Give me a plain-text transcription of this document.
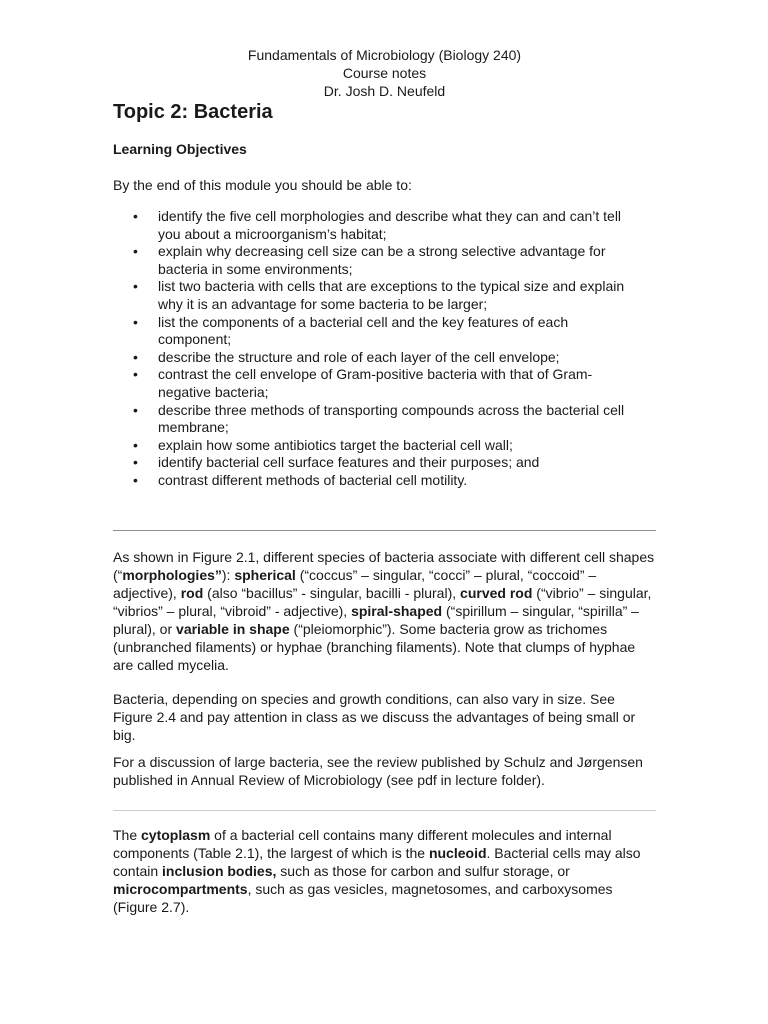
Fundamentals of Microbiology (Biology 240)
Course notes
Dr. Josh D. Neufeld
Topic 2: Bacteria
Learning Objectives
By the end of this module you should be able to:
• identify the five cell morphologies and describe what they can and can’t tell you about a microorganism’s habitat;
• explain why decreasing cell size can be a strong selective advantage for bacteria in some environments;
• list two bacteria with cells that are exceptions to the typical size and explain why it is an advantage for some bacteria to be larger;
• list the components of a bacterial cell and the key features of each component;
• describe the structure and role of each layer of the cell envelope;
• contrast the cell envelope of Gram-positive bacteria with that of Gram-negative bacteria;
• describe three methods of transporting compounds across the bacterial cell membrane;
• explain how some antibiotics target the bacterial cell wall;
• identify bacterial cell surface features and their purposes; and
• contrast different methods of bacterial cell motility.

As shown in Figure 2.1, different species of bacteria associate with different cell shapes (“morphologies”): spherical (“coccus” – singular, “cocci” – plural, “coccoid” – adjective), rod (also “bacillus” - singular, bacilli - plural), curved rod (“vibrio” – singular, “vibrios” – plural, “vibroid” - adjective), spiral-shaped (“spirillum – singular, “spirilla” – plural), or variable in shape (“pleiomorphic”). Some bacteria grow as trichomes (unbranched filaments) or hyphae (branching filaments). Note that clumps of hyphae are called mycelia.

Bacteria, depending on species and growth conditions, can also vary in size. See Figure 2.4 and pay attention in class as we discuss the advantages of being small or big.

For a discussion of large bacteria, see the review published by Schulz and Jørgensen published in Annual Review of Microbiology (see pdf in lecture folder).

The cytoplasm of a bacterial cell contains many different molecules and internal components (Table 2.1), the largest of which is the nucleoid. Bacterial cells may also contain inclusion bodies, such as those for carbon and sulfur storage, or microcompartments, such as gas vesicles, magnetosomes, and carboxysomes (Figure 2.7).
